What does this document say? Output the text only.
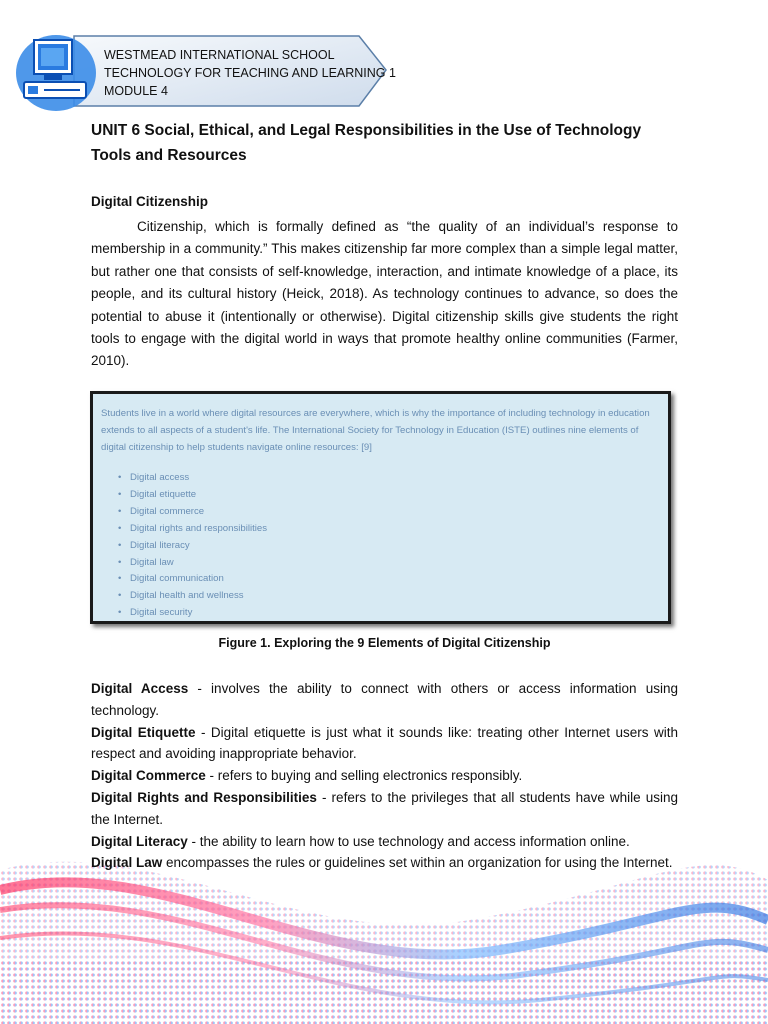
WESTMEAD INTERNATIONAL SCHOOL
TECHNOLOGY FOR TEACHING AND LEARNING 1
MODULE 4
UNIT 6 Social, Ethical, and Legal Responsibilities in the Use of Technology Tools and Resources
Digital Citizenship
Citizenship, which is formally defined as “the quality of an individual’s response to membership in a community.” This makes citizenship far more complex than a simple legal matter, but rather one that consists of self-knowledge, interaction, and intimate knowledge of a place, its people, and its cultural history (Heick, 2018). As technology continues to advance, so does the potential to abuse it (intentionally or otherwise). Digital citizenship skills give students the right tools to engage with the digital world in ways that promote healthy online communities (Farmer, 2010).

Students live in a world where digital resources are everywhere, which is why the importance of including technology in education extends to all aspects of a student's life. The International Society for Technology in Education (ISTE) outlines nine elements of digital citizenship to help students navigate online resources: [9]

• Digital access
• Digital etiquette
• Digital commerce
• Digital rights and responsibilities
• Digital literacy
• Digital law
• Digital communication
• Digital health and wellness
• Digital security
Figure 1. Exploring the 9 Elements of Digital Citizenship

Digital Access - involves the ability to connect with others or access information using technology.

Digital Etiquette - Digital etiquette is just what it sounds like: treating other Internet users with respect and avoiding inappropriate behavior.

Digital Commerce - refers to buying and selling electronics responsibly.

Digital Rights and Responsibilities - refers to the privileges that all students have while using the Internet.

Digital Literacy - the ability to learn how to use technology and access information online.

Digital Law encompasses the rules or guidelines set within an organization for using the Internet.
